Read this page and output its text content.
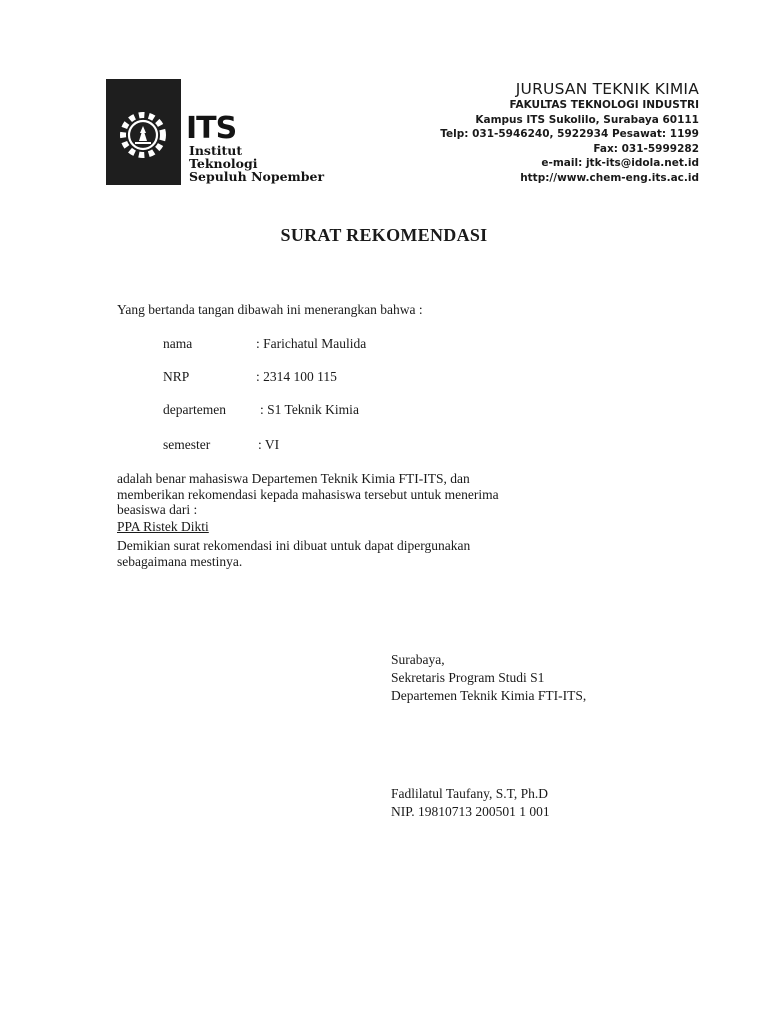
ITS
Institut
Teknologi
Sepuluh Nopember
JURUSAN TEKNIK KIMIA
FAKULTAS TEKNOLOGI INDUSTRI
Kampus ITS Sukolilo, Surabaya 60111
Telp: 031-5946240, 5922934 Pesawat: 1199
Fax: 031-5999282
e-mail: jtk-its@idola.net.id
http://www.chem-eng.its.ac.id
SURAT REKOMENDASI
Yang bertanda tangan dibawah ini menerangkan bahwa :
nama	: Farichatul Maulida
NRP	: 2314 100 115
departemen	: S1 Teknik Kimia
semester	: VI
adalah benar mahasiswa Departemen Teknik Kimia FTI-ITS, dan
memberikan rekomendasi kepada mahasiswa tersebut untuk menerima
beasiswa dari :
PPA Ristek Dikti
Demikian surat rekomendasi ini dibuat untuk dapat dipergunakan
sebagaimana mestinya.
Surabaya,
Sekretaris Program Studi S1
Departemen Teknik Kimia FTI-ITS,
Fadlilatul Taufany, S.T, Ph.D
NIP. 19810713 200501 1 001
